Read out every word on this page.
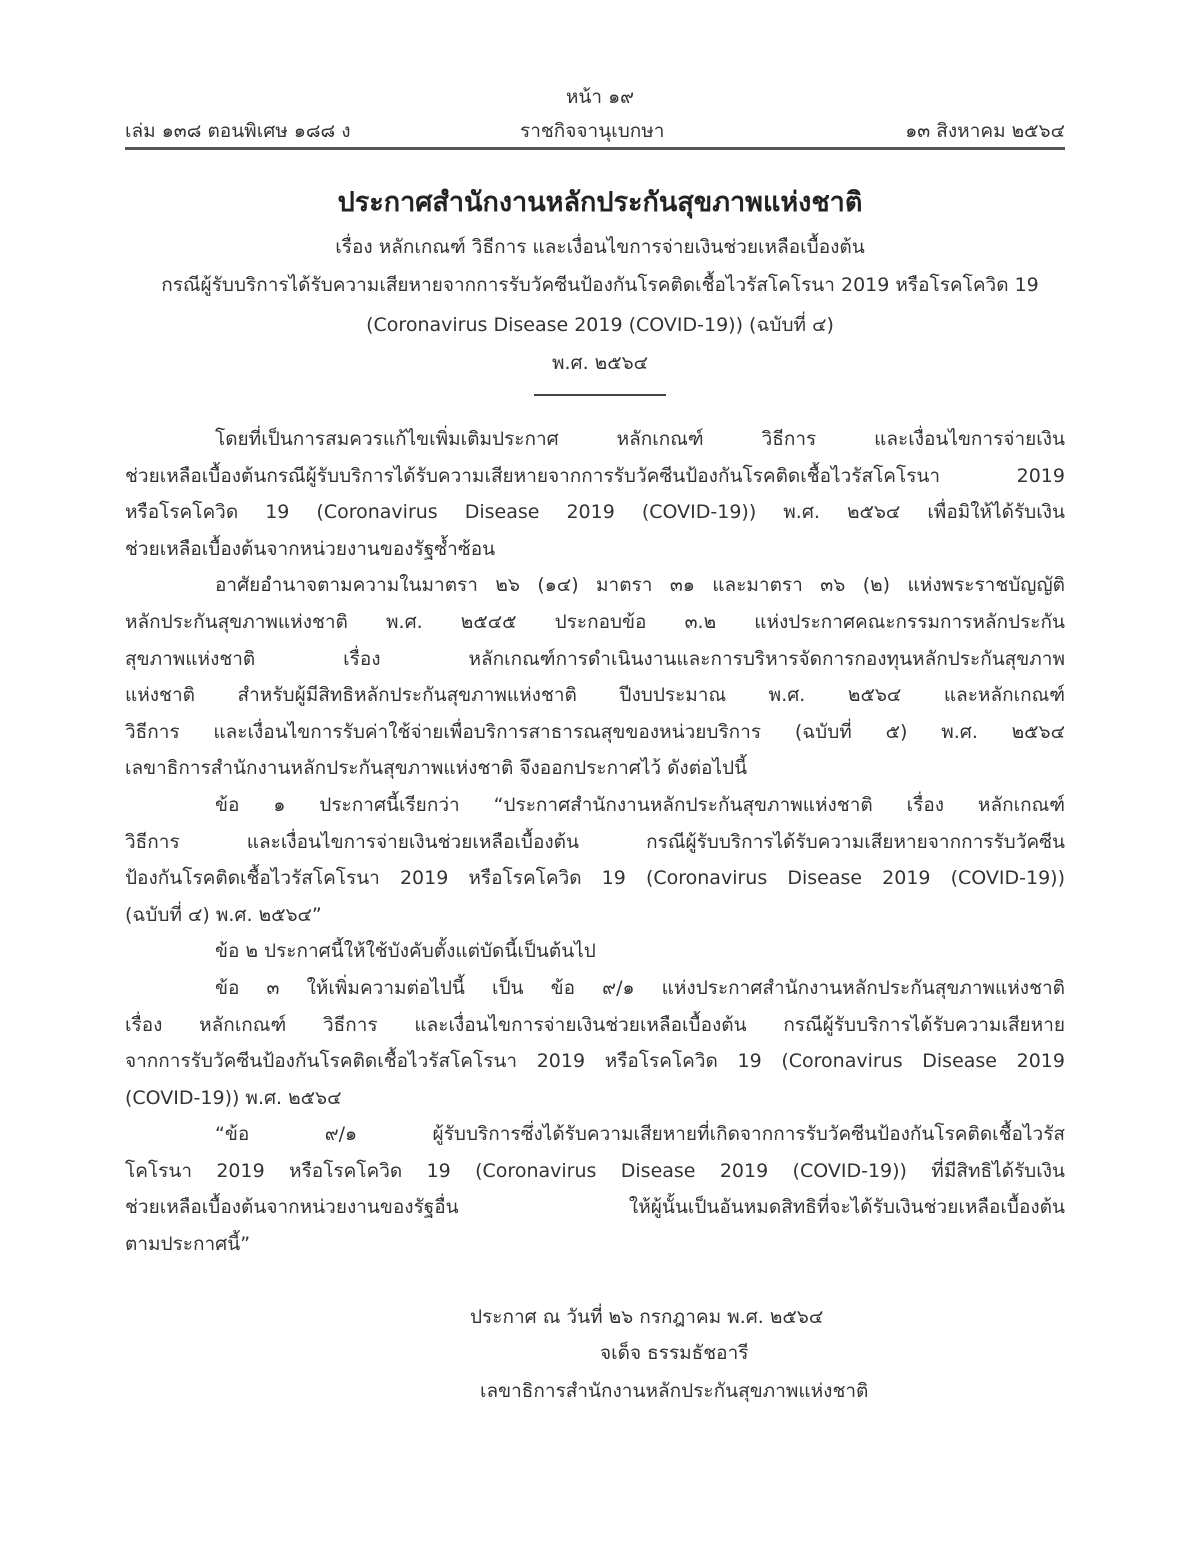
หน้า ๑๙
เล่ม ๑๓๘ ตอนพิเศษ ๑๘๘ ง	ราชกิจจานุเบกษา	๑๓ สิงหาคม ๒๕๖๔
ประกาศสำนักงานหลักประกันสุขภาพแห่งชาติ
เรื่อง หลักเกณฑ์ วิธีการ และเงื่อนไขการจ่ายเงินช่วยเหลือเบื้องต้น
กรณีผู้รับบริการได้รับความเสียหายจากการรับวัคซีนป้องกันโรคติดเชื้อไวรัสโคโรนา 2019 หรือโรคโควิด 19
(Coronavirus Disease 2019 (COVID-19)) (ฉบับที่ ๔)
พ.ศ. ๒๕๖๔
โดยที่เป็นการสมควรแก้ไขเพิ่มเติมประกาศ หลักเกณฑ์ วิธีการ และเงื่อนไขการจ่ายเงิน
ช่วยเหลือเบื้องต้นกรณีผู้รับบริการได้รับความเสียหายจากการรับวัคซีนป้องกันโรคติดเชื้อไวรัสโคโรนา 2019
หรือโรคโควิด 19 (Coronavirus Disease 2019 (COVID-19)) พ.ศ. ๒๕๖๔ เพื่อมิให้ได้รับเงิน
ช่วยเหลือเบื้องต้นจากหน่วยงานของรัฐซ้ำซ้อน
อาศัยอำนาจตามความในมาตรา ๒๖ (๑๔) มาตรา ๓๑ และมาตรา ๓๖ (๒) แห่งพระราชบัญญัติ
หลักประกันสุขภาพแห่งชาติ พ.ศ. ๒๕๔๕ ประกอบข้อ ๓.๒ แห่งประกาศคณะกรรมการหลักประกัน
สุขภาพแห่งชาติ เรื่อง หลักเกณฑ์การดำเนินงานและการบริหารจัดการกองทุนหลักประกันสุขภาพ
แห่งชาติ สำหรับผู้มีสิทธิหลักประกันสุขภาพแห่งชาติ ปีงบประมาณ พ.ศ. ๒๕๖๔ และหลักเกณฑ์
วิธีการ และเงื่อนไขการรับค่าใช้จ่ายเพื่อบริการสาธารณสุขของหน่วยบริการ (ฉบับที่ ๕) พ.ศ. ๒๕๖๔
เลขาธิการสำนักงานหลักประกันสุขภาพแห่งชาติ จึงออกประกาศไว้ ดังต่อไปนี้
ข้อ ๑ ประกาศนี้เรียกว่า “ประกาศสำนักงานหลักประกันสุขภาพแห่งชาติ เรื่อง หลักเกณฑ์
วิธีการ และเงื่อนไขการจ่ายเงินช่วยเหลือเบื้องต้น กรณีผู้รับบริการได้รับความเสียหายจากการรับวัคซีน
ป้องกันโรคติดเชื้อไวรัสโคโรนา 2019 หรือโรคโควิด 19 (Coronavirus Disease 2019 (COVID-19))
(ฉบับที่ ๔) พ.ศ. ๒๕๖๔”
ข้อ ๒ ประกาศนี้ให้ใช้บังคับตั้งแต่บัดนี้เป็นต้นไป
ข้อ ๓ ให้เพิ่มความต่อไปนี้ เป็น ข้อ ๙/๑ แห่งประกาศสำนักงานหลักประกันสุขภาพแห่งชาติ
เรื่อง หลักเกณฑ์ วิธีการ และเงื่อนไขการจ่ายเงินช่วยเหลือเบื้องต้น กรณีผู้รับบริการได้รับความเสียหาย
จากการรับวัคซีนป้องกันโรคติดเชื้อไวรัสโคโรนา 2019 หรือโรคโควิด 19 (Coronavirus Disease 2019
(COVID-19)) พ.ศ. ๒๕๖๔
“ข้อ ๙/๑ ผู้รับบริการซึ่งได้รับความเสียหายที่เกิดจากการรับวัคซีนป้องกันโรคติดเชื้อไวรัส
โคโรนา 2019 หรือโรคโควิด 19 (Coronavirus Disease 2019 (COVID-19)) ที่มีสิทธิได้รับเงิน
ช่วยเหลือเบื้องต้นจากหน่วยงานของรัฐอื่น ให้ผู้นั้นเป็นอันหมดสิทธิที่จะได้รับเงินช่วยเหลือเบื้องต้น
ตามประกาศนี้”
ประกาศ ณ วันที่ ๒๖ กรกฎาคม พ.ศ. ๒๕๖๔
จเด็จ ธรรมธัชอารี
เลขาธิการสำนักงานหลักประกันสุขภาพแห่งชาติ
